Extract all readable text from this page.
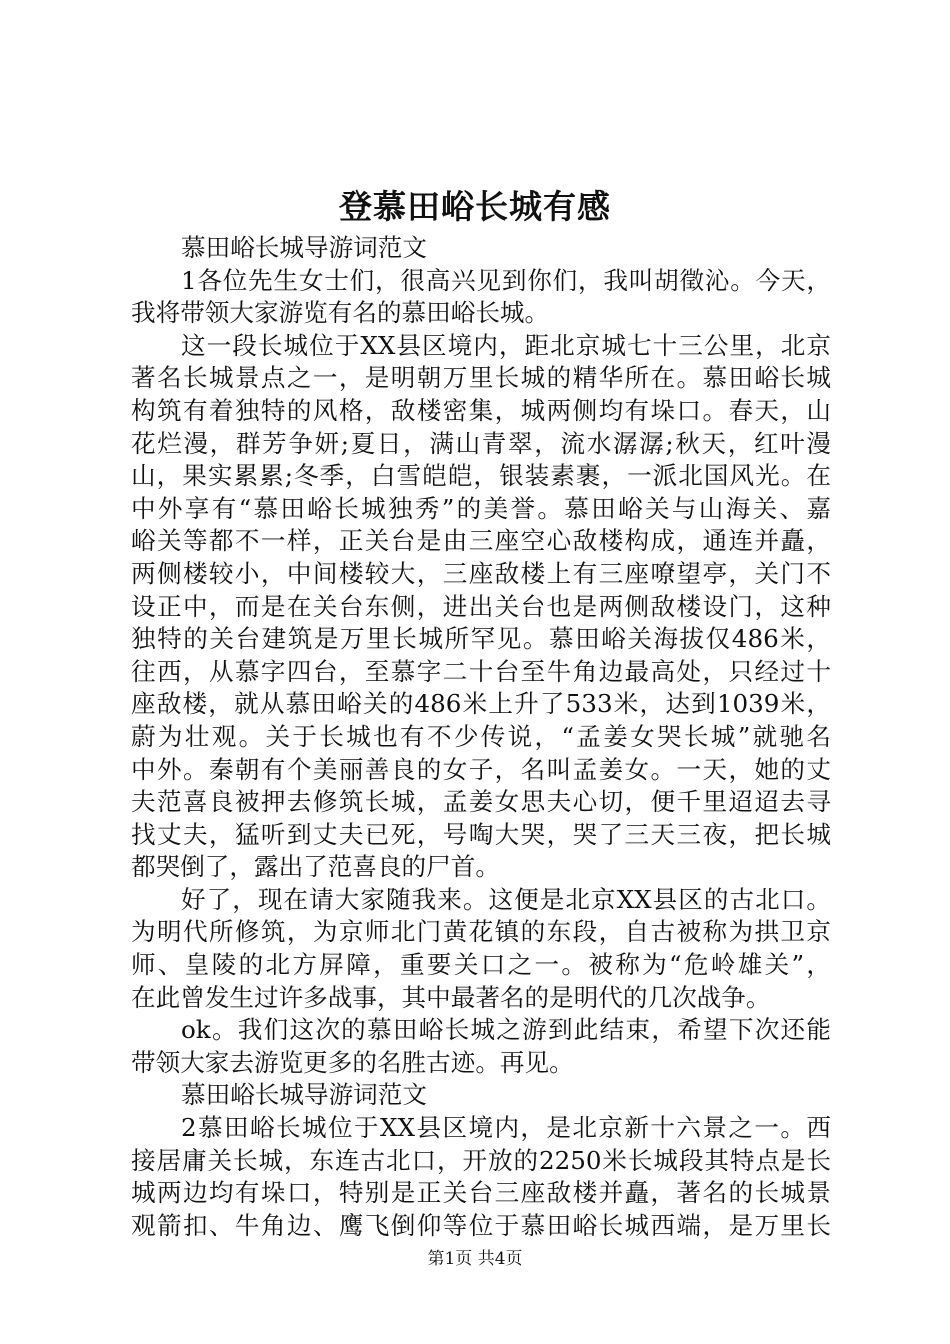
登慕田峪长城有感
慕田峪长城导游词范文
1各位先生女士们，很高兴见到你们，我叫胡徵沁。今天，
我将带领大家游览有名的慕田峪长城。
这一段长城位于XX县区境内，距北京城七十三公里，北京
著名长城景点之一，是明朝万里长城的精华所在。慕田峪长城
构筑有着独特的风格，敌楼密集，城两侧均有垛口。春天，山
花烂漫，群芳争妍;夏日，满山青翠，流水潺潺;秋天，红叶漫
山，果实累累;冬季，白雪皑皑，银装素裹，一派北国风光。在
中外享有“慕田峪长城独秀”的美誉。慕田峪关与山海关、嘉
峪关等都不一样，正关台是由三座空心敌楼构成，通连并矗，
两侧楼较小，中间楼较大，三座敌楼上有三座嘹望亭，关门不
设正中，而是在关台东侧，进出关台也是两侧敌楼设门，这种
独特的关台建筑是万里长城所罕见。慕田峪关海拔仅486米，
往西，从慕字四台，至慕字二十台至牛角边最高处，只经过十
座敌楼，就从慕田峪关的486米上升了533米，达到1039米，
蔚为壮观。关于长城也有不少传说，“孟姜女哭长城”就驰名
中外。秦朝有个美丽善良的女子，名叫孟姜女。一天，她的丈
夫范喜良被押去修筑长城，孟姜女思夫心切，便千里迢迢去寻
找丈夫，猛听到丈夫已死，号啕大哭，哭了三天三夜，把长城
都哭倒了，露出了范喜良的尸首。
好了，现在请大家随我来。这便是北京XX县区的古北口。
为明代所修筑，为京师北门黄花镇的东段，自古被称为拱卫京
师、皇陵的北方屏障，重要关口之一。被称为“危岭雄关”，
在此曾发生过许多战事，其中最著名的是明代的几次战争。
ok。我们这次的慕田峪长城之游到此结束，希望下次还能
带领大家去游览更多的名胜古迹。再见。
慕田峪长城导游词范文
2慕田峪长城位于XX县区境内，是北京新十六景之一。西
接居庸关长城，东连古北口，开放的2250米长城段其特点是长
城两边均有垛口，特别是正关台三座敌楼并矗，著名的长城景
观箭扣、牛角边、鹰飞倒仰等位于慕田峪长城西端，是万里长
第1页 共4页
